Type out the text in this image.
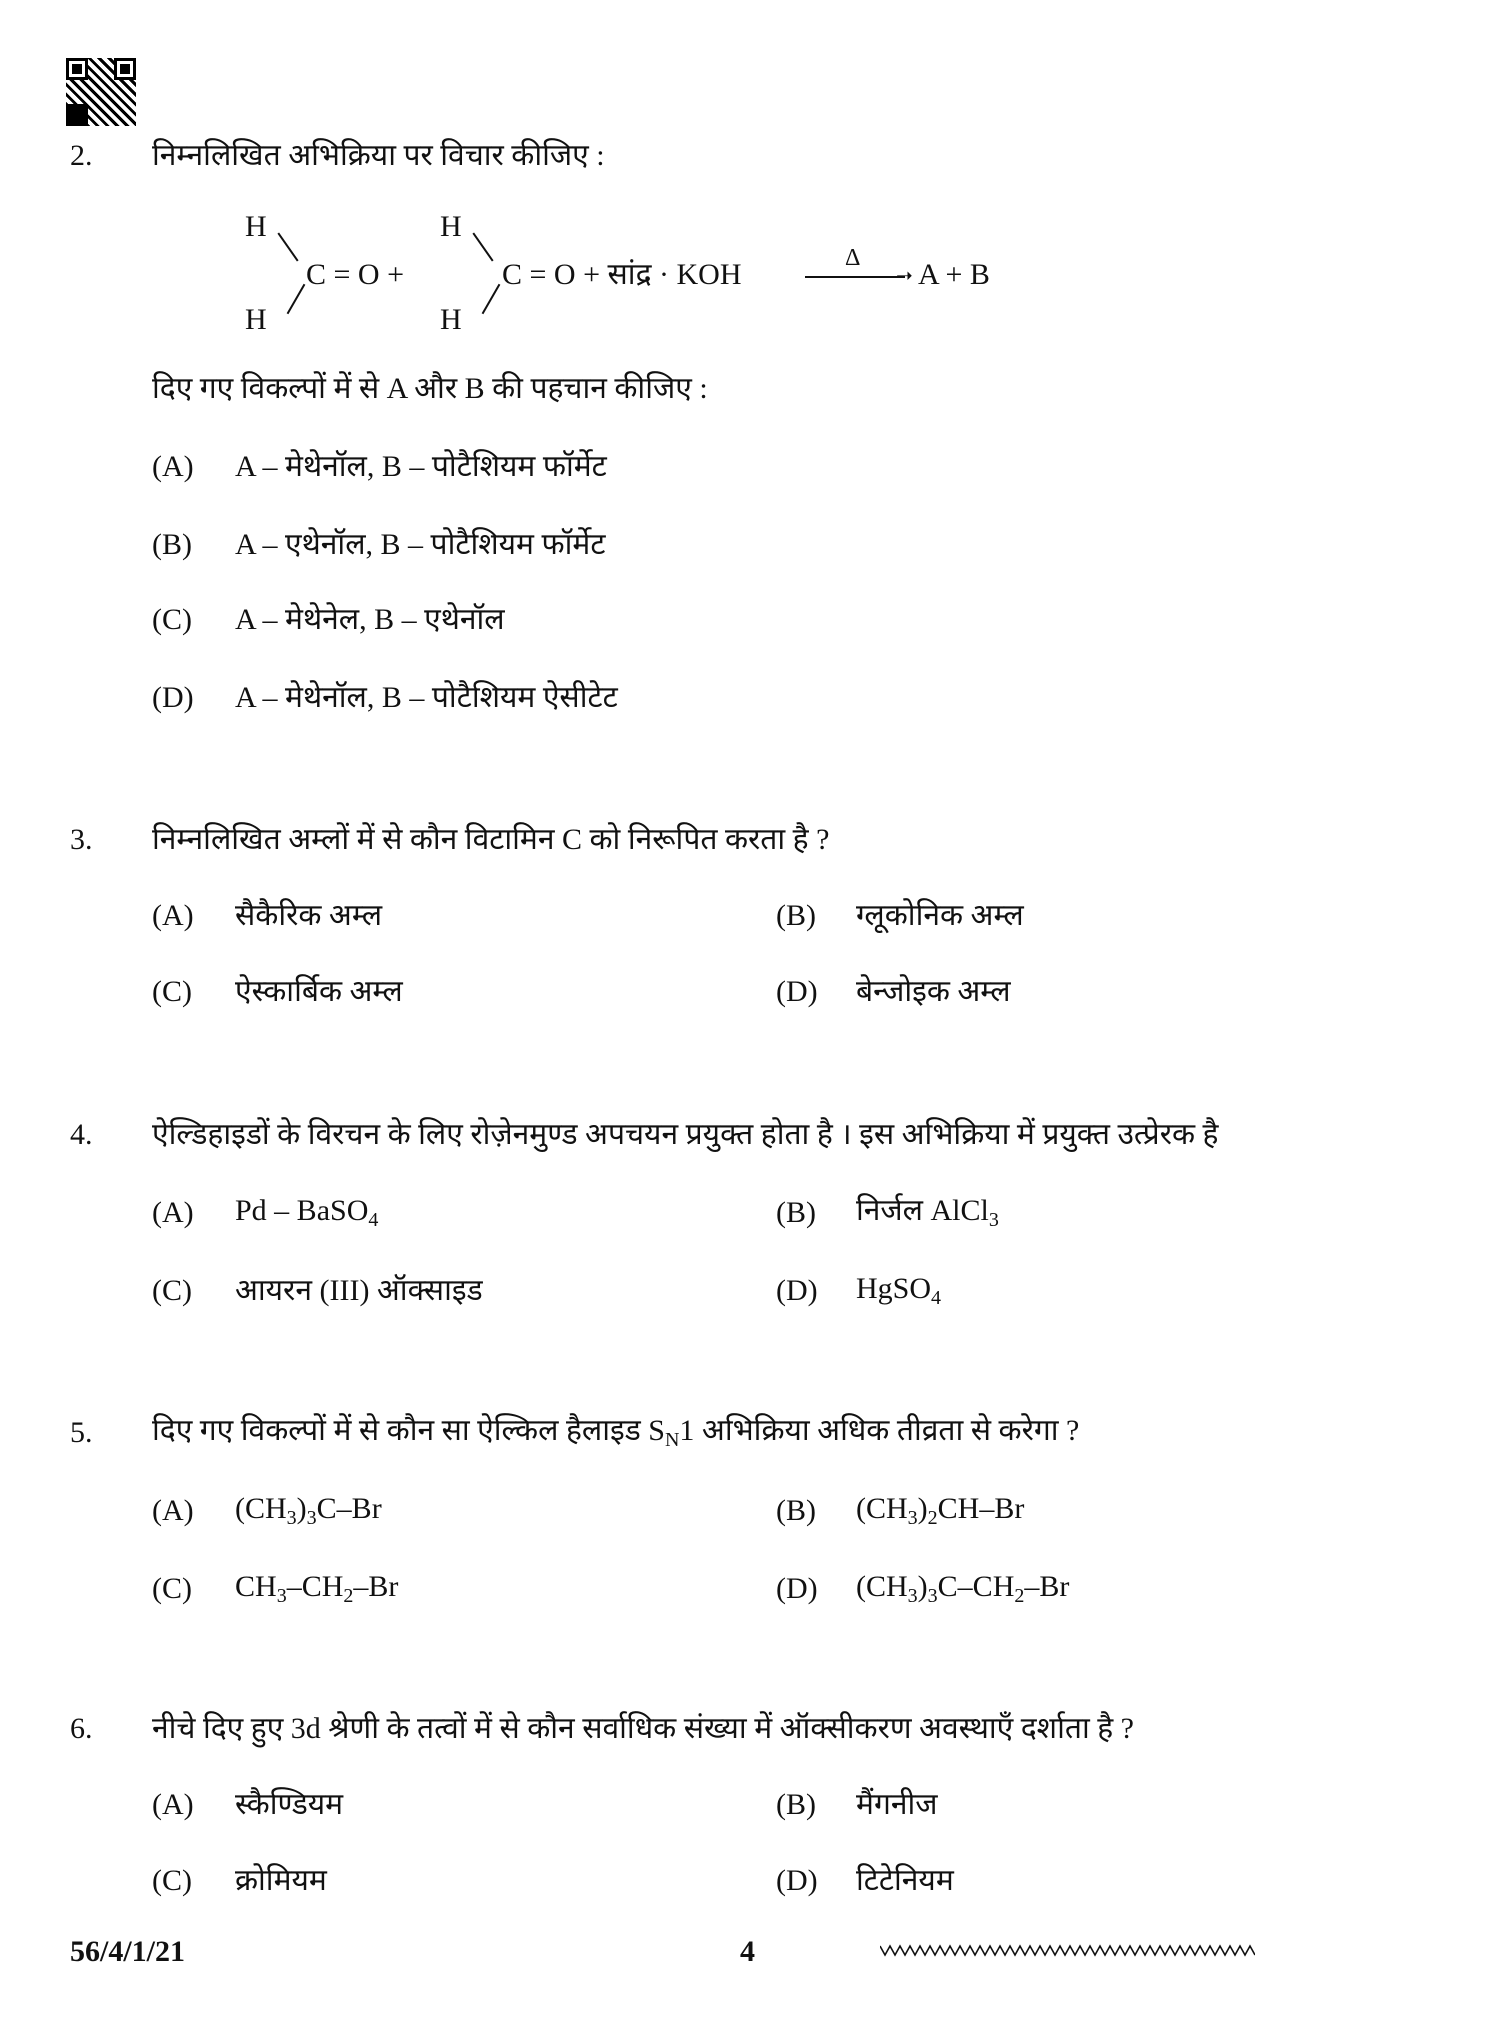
2. निम्नलिखित अभिक्रिया पर विचार कीजिए :
H
H
C = O +
H
H
C = O + सांद्र · KOH	Δ
➝ A + B
दिए गए विकल्पों में से A और B की पहचान कीजिए :
(A) A – मेथेनॉल, B – पोटैशियम फॉर्मेट
(B) A – एथेनॉल, B – पोटैशियम फॉर्मेट
(C) A – मेथेनेल, B – एथेनॉल
(D) A – मेथेनॉल, B – पोटैशियम ऐसीटेट
3. निम्नलिखित अम्लों में से कौन विटामिन C को निरूपित करता है ?
(A) सैकैरिक अम्ल	(B) ग्लूकोनिक अम्ल
(C) ऐस्कार्बिक अम्ल	(D) बेन्जोइक अम्ल
4. ऐल्डिहाइडों के विरचन के लिए रोज़ेनमुण्ड अपचयन प्रयुक्त होता है । इस अभिक्रिया में प्रयुक्त उत्प्रेरक है
(A) Pd – BaSO$_4$	(B) निर्जल AlCl$_3$
(C) आयरन (III) ऑक्साइड	(D) HgSO$_4$
5. दिए गए विकल्पों में से कौन सा ऐल्किल हैलाइड $S_N1$ अभिक्रिया अधिक तीव्रता से करेगा ?
(A) $(CH_3)_3C-Br$	(B) $(CH_3)_2CH-Br$
(C) $CH_3-CH_2-Br$	(D) $(CH_3)_3C-CH_2-Br$
6. नीचे दिए हुए 3d श्रेणी के तत्वों में से कौन सर्वाधिक संख्या में ऑक्सीकरण अवस्थाएँ दर्शाता है ?
(A) स्कैण्डियम	(B) मैंगनीज
(C) क्रोमियम	(D) टिटेनियम
56/4/1/21	4
